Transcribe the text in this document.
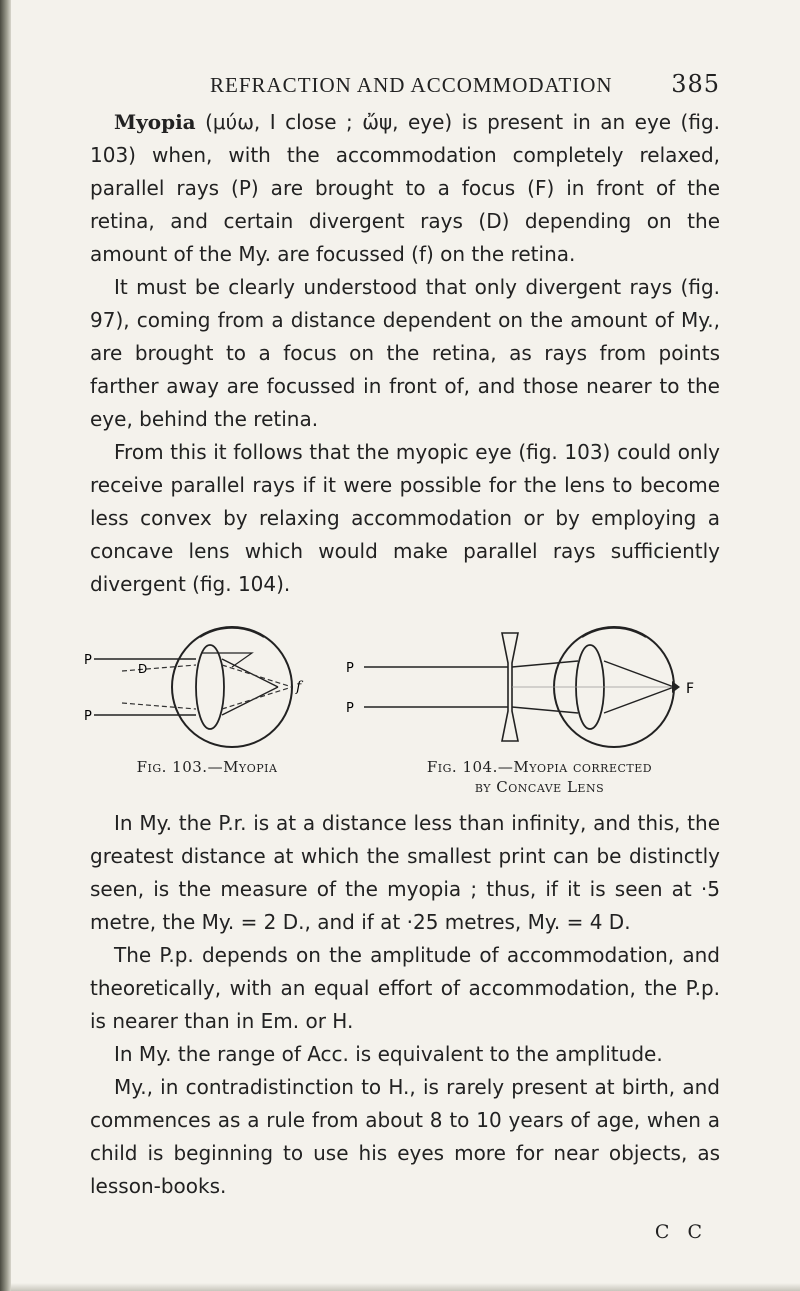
REFRACTION AND ACCOMMODATION 385

Myopia (μύω, I close ; ὤψ, eye) is present in an eye (fig. 103) when, with the accommodation completely relaxed, parallel rays (P) are brought to a focus (F) in front of the retina, and certain divergent rays (D) depending on the amount of the My. are focussed (f) on the retina.

It must be clearly understood that only divergent rays (fig. 97), coming from a distance dependent on the amount of My., are brought to a focus on the retina, as rays from points farther away are focussed in front of, and those nearer to the eye, behind the retina.

From this it follows that the myopic eye (fig. 103) could only receive parallel rays if it were possible for the lens to become less convex by relaxing accommodation or by employing a concave lens which would make parallel rays sufficiently divergent (fig. 104).

P
P
D
f
Fig. 103.—Myopia
P
P
F
Fig. 104.—Myopia corrected
by Concave Lens

In My. the P.r. is at a distance less than infinity, and this, the greatest distance at which the smallest print can be distinctly seen, is the measure of the myopia ; thus, if it is seen at ·5 metre, the My. = 2 D., and if at ·25 metres, My. = 4 D.

The P.p. depends on the amplitude of accommodation, and theoretically, with an equal effort of accommodation, the P.p. is nearer than in Em. or H.

In My. the range of Acc. is equivalent to the amplitude.

My., in contradistinction to H., is rarely present at birth, and commences as a rule from about 8 to 10 years of age, when a child is beginning to use his eyes more for near objects, as lesson-books.

C C
